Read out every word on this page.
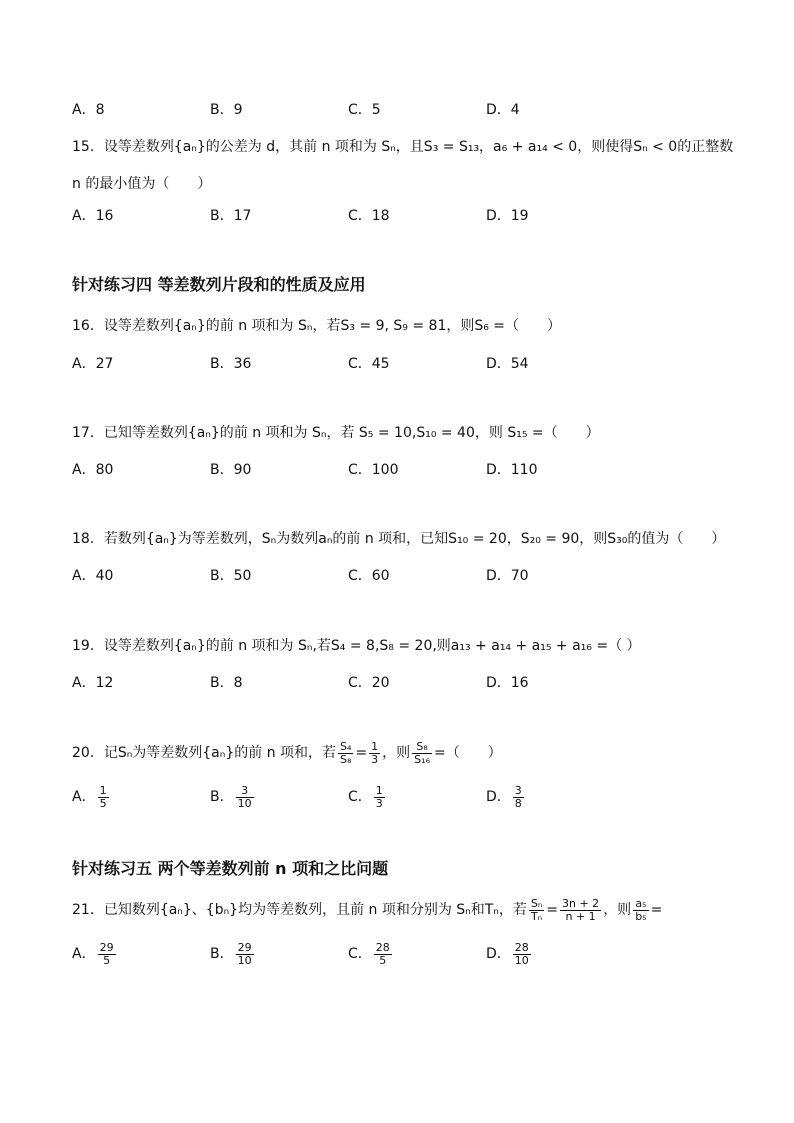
A．8	B．9	C．5	D．4
15．设等差数列{aₙ}的公差为 d，其前 n 项和为 Sₙ，且S₃ = S₁₃，a₆ + a₁₄ < 0，则使得Sₙ < 0的正整数
n 的最小值为（　　）
A．16	B．17	C．18	D．19
针对练习四 等差数列片段和的性质及应用
16．设等差数列{aₙ}的前 n 项和为 Sₙ，若S₃ = 9, S₉ = 81，则S₆ =（　　）
A．27	B．36	C．45	D．54
17．已知等差数列{aₙ}的前 n 项和为 Sₙ，若 S₅ = 10,S₁₀ = 40，则 S₁₅ =（　　）
A．80	B．90	C．100	D．110
18．若数列{aₙ}为等差数列，Sₙ为数列aₙ的前 n 项和，已知S₁₀ = 20，S₂₀ = 90，则S₃₀的值为（　　）
A．40	B．50	C．60	D．70
19．设等差数列{aₙ}的前 n 项和为 Sₙ,若S₄ = 8,S₈ = 20,则a₁₃ + a₁₄ + a₁₅ + a₁₆ =（ ）
A．12	B．8	C．20	D．16
20．记Sₙ为等差数列{aₙ}的前 n 项和，若 $\frac{\text{S₄}}{\text{S₈}} = \frac{1}{3}$ ，则 $\frac{\text{S₈}}{\text{S₁₆}}$ =（　　）
A． $\frac{1}{5}$	B． $\frac{3}{10}$	C． $\frac{1}{3}$	D． $\frac{3}{8}$
针对练习五 两个等差数列前 n 项和之比问题
21．已知数列{aₙ}、{bₙ}均为等差数列，且前 n 项和分别为 Sₙ和Tₙ，若 $\frac{\text{Sₙ}}{\text{Tₙ}} = \frac{3n + 2}{n + 1}$ ，则 $\frac{\text{a₅}}{\text{b₅}}$ =
A． $\frac{29}{5}$	B． $\frac{29}{10}$	C． $\frac{28}{5}$	D． $\frac{28}{10}$
